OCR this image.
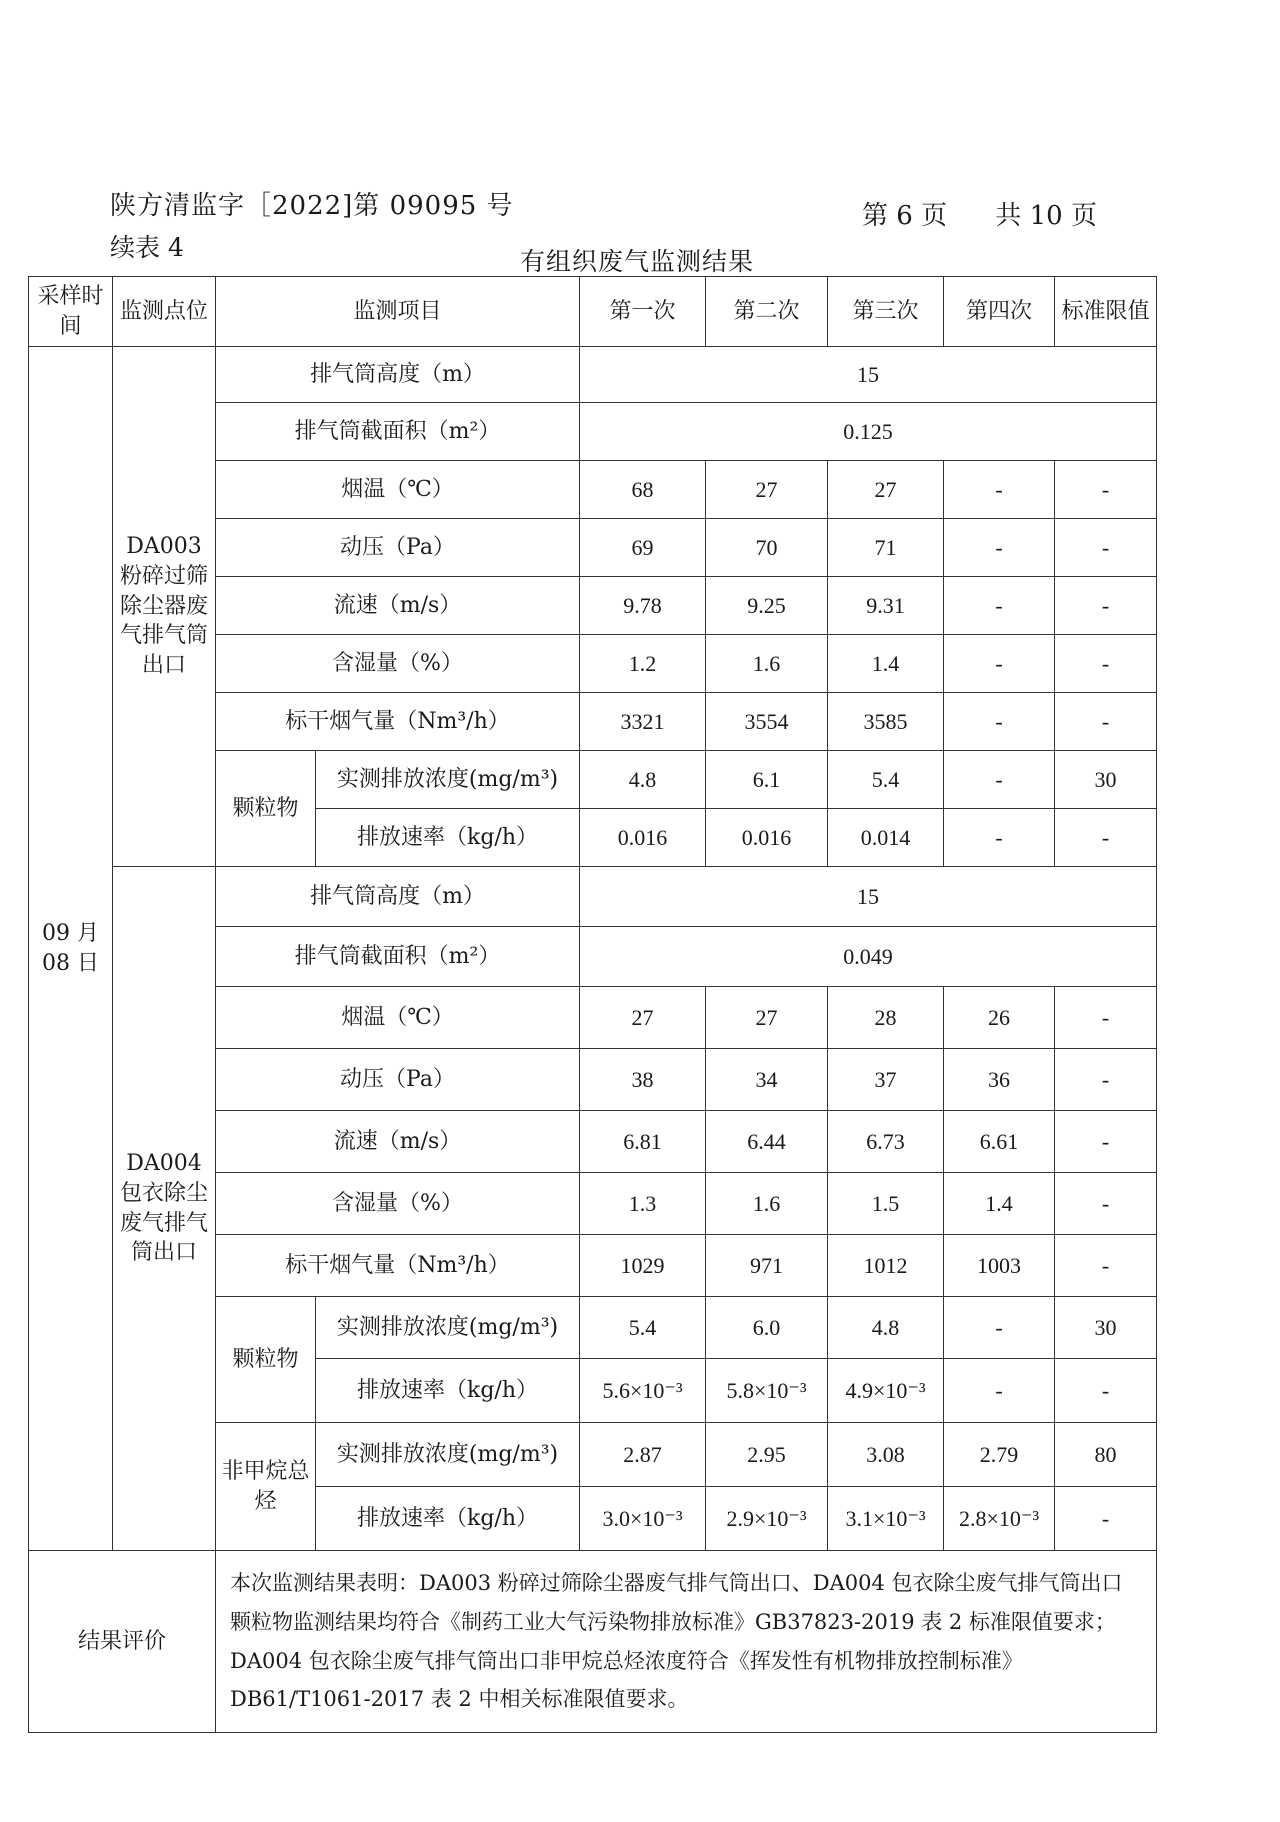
陕方清监字［2022]第 09095 号	第 6 页 共 10 页
续表 4	有组织废气监测结果
采样时间	监测点位	监测项目		第一次	第二次	第三次	第四次	标准限值
09 月 08 日	DA003 粉碎过筛除尘器废气排气筒出口	排气筒高度（m）		15				
		排气筒截面积（m²）		0.125				
		烟温（℃）		68	27	27	-	-
		动压（Pa）		69	70	71	-	-
		流速（m/s）		9.78	9.25	9.31	-	-
		含湿量（%）		1.2	1.6	1.4	-	-
		标干烟气量（Nm³/h）		3321	3554	3585	-	-
		颗粒物	实测排放浓度(mg/m³)	4.8	6.1	5.4	-	30
			排放速率（kg/h）	0.016	0.016	0.014	-	-
	DA004 包衣除尘废气排气筒出口	排气筒高度（m）		15				
		排气筒截面积（m²）		0.049				
		烟温（℃）		27	27	28	26	-
		动压（Pa）		38	34	37	36	-
		流速（m/s）		6.81	6.44	6.73	6.61	-
		含湿量（%）		1.3	1.6	1.5	1.4	-
		标干烟气量（Nm³/h）		1029	971	1012	1003	-
		颗粒物	实测排放浓度(mg/m³)	5.4	6.0	4.8	-	30
			排放速率（kg/h）	5.6×10⁻³	5.8×10⁻³	4.9×10⁻³	-	-
		非甲烷总烃	实测排放浓度(mg/m³)	2.87	2.95	3.08	2.79	80
			排放速率（kg/h）	3.0×10⁻³	2.9×10⁻³	3.1×10⁻³	2.8×10⁻³	-
结果评价		本次监测结果表明：DA003 粉碎过筛除尘器废气排气筒出口、DA004 包衣除尘废气排气筒出口颗粒物监测结果均符合《制药工业大气污染物排放标准》GB37823-2019 表 2 标准限值要求；DA004 包衣除尘废气排气筒出口非甲烷总烃浓度符合《挥发性有机物排放控制标准》DB61/T1061-2017 表 2 中相关标准限值要求。						
